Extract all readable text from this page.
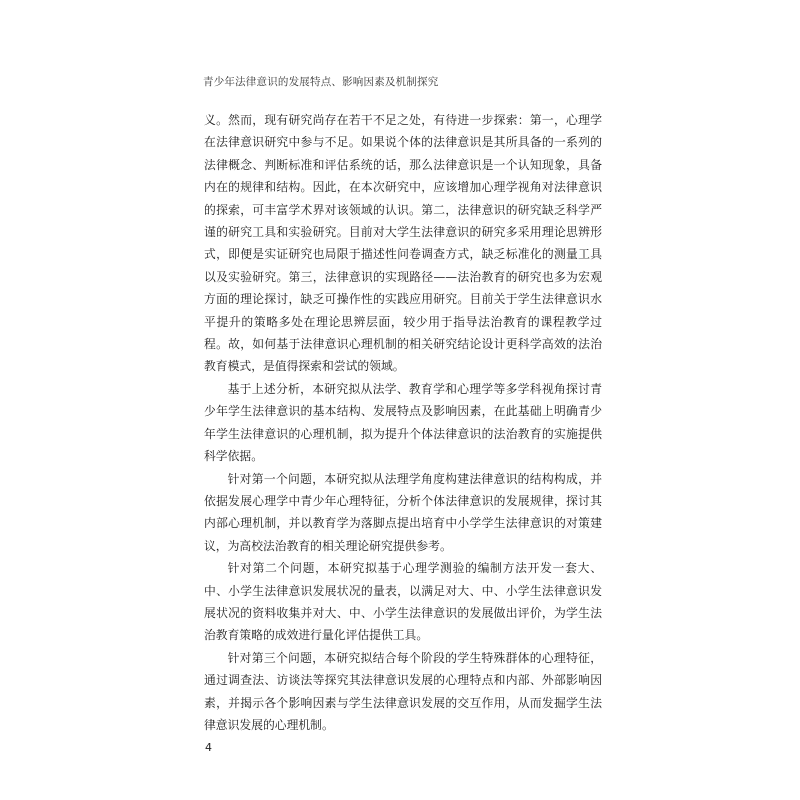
青少年法律意识的发展特点、影响因素及机制探究

义。然而，现有研究尚存在若干不足之处，有待进一步探索：第一，心理学在法律意识研究中参与不足。如果说个体的法律意识是其所具备的一系列的法律概念、判断标准和评估系统的话，那么法律意识是一个认知现象，具备内在的规律和结构。因此，在本次研究中，应该增加心理学视角对法律意识的探索，可丰富学术界对该领域的认识。第二，法律意识的研究缺乏科学严谨的研究工具和实验研究。目前对大学生法律意识的研究多采用理论思辨形式，即便是实证研究也局限于描述性问卷调查方式，缺乏标准化的测量工具以及实验研究。第三，法律意识的实现路径——法治教育的研究也多为宏观方面的理论探讨，缺乏可操作性的实践应用研究。目前关于学生法律意识水平提升的策略多处在理论思辨层面，较少用于指导法治教育的课程教学过程。故，如何基于法律意识心理机制的相关研究结论设计更科学高效的法治教育模式，是值得探索和尝试的领域。

基于上述分析，本研究拟从法学、教育学和心理学等多学科视角探讨青少年学生法律意识的基本结构、发展特点及影响因素，在此基础上明确青少年学生法律意识的心理机制，拟为提升个体法律意识的法治教育的实施提供科学依据。

针对第一个问题，本研究拟从法理学角度构建法律意识的结构构成，并依据发展心理学中青少年心理特征，分析个体法律意识的发展规律，探讨其内部心理机制，并以教育学为落脚点提出培育中小学学生法律意识的对策建议，为高校法治教育的相关理论研究提供参考。

针对第二个问题，本研究拟基于心理学测验的编制方法开发一套大、中、小学生法律意识发展状况的量表，以满足对大、中、小学生法律意识发展状况的资料收集并对大、中、小学生法律意识的发展做出评价，为学生法治教育策略的成效进行量化评估提供工具。

针对第三个问题，本研究拟结合每个阶段的学生特殊群体的心理特征，通过调查法、访谈法等探究其法律意识发展的心理特点和内部、外部影响因素，并揭示各个影响因素与学生法律意识发展的交互作用，从而发掘学生法律意识发展的心理机制。

4
